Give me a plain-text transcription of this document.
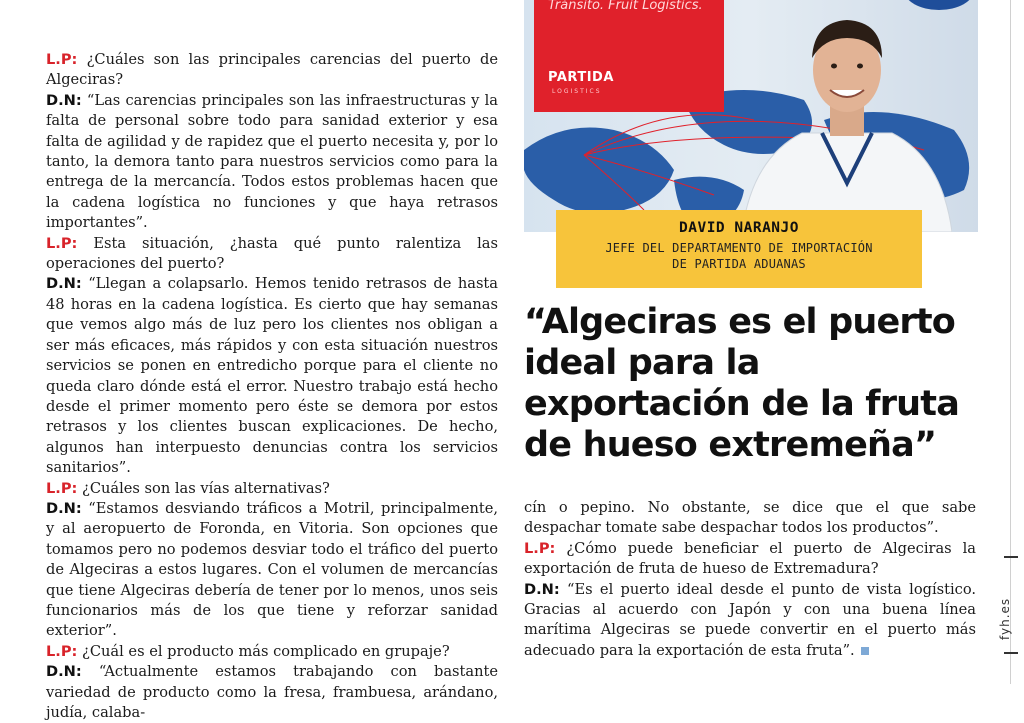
L.P: ¿Cuáles son las principales carencias del puerto de Algeciras?

D.N: “Las carencias principales son las infraestructuras y la falta de personal sobre todo para sanidad exterior y esa falta de agilidad y de rapidez que el puerto necesita y, por lo tanto, la demora tanto para nuestros servicios como para la entrega de la mercancía. Todos estos problemas hacen que la cadena logística no funciones y que haya retrasos importantes”.

L.P: Esta situación, ¿hasta qué punto ralentiza las operaciones del puerto?

D.N: “Llegan a colapsarlo. Hemos tenido retrasos de hasta 48 horas en la cadena logística. Es cierto que hay semanas que vemos algo más de luz pero los clientes nos obligan a ser más eficaces, más rápidos y con esta situación nuestros servicios se ponen en entredicho porque para el cliente no queda claro dónde está el error. Nuestro trabajo está hecho desde el primer momento pero éste se demora por estos retrasos y los clientes buscan explicaciones. De hecho, algunos han interpuesto denuncias contra los servicios sanitarios”.

L.P: ¿Cuáles son las vías alternativas?

D.N: “Estamos desviando tráficos a Motril, principalmente, y al aeropuerto de Foronda, en Vitoria. Son opciones que tomamos pero no podemos desviar todo el tráfico del puerto de Algeciras a estos lugares. Con el volumen de mercancías que tiene Algeciras debería de tener por lo menos, unos seis funcionarios más de los que tiene y reforzar sanidad exterior”.

L.P: ¿Cuál es el producto más complicado en grupaje?

D.N: “Actualmente estamos trabajando con bastante variedad de producto como la fresa, frambuesa, arándano, judía, calaba-

Tránsito. Fruit Logistics.
PARTIDA
LOGISTICS
DAVID NARANJO
JEFE DEL DEPARTAMENTO DE IMPORTACIÓN
DE PARTIDA ADUANAS
“Algeciras es el puerto ideal para la exportación de la fruta de hueso extremeña”

cín o pepino. No obstante, se dice que el que sabe despachar tomate sabe despachar todos los productos”.

L.P: ¿Cómo puede beneficiar el puerto de Algeciras la exportación de fruta de hueso de Extremadura?

D.N: “Es el puerto ideal desde el punto de vista logístico. Gracias al acuerdo con Japón y con una buena línea marítima Algeciras se puede convertir en el puerto más adecuado para la exportación de esta fruta”.

fyh.es
